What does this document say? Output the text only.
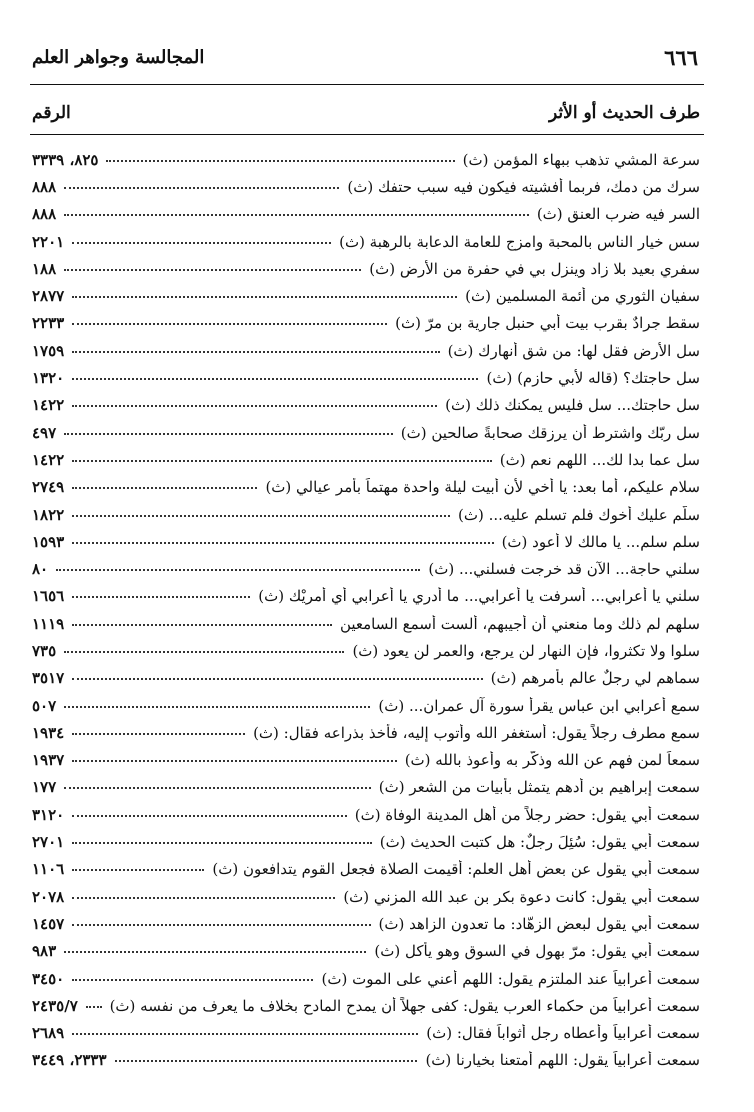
المجالسة وجواهر العلم	٦٦٦
الرقم	طرف الحديث أو الأثر
سرعة المشي تذهب ببهاء المؤمن (ث)
٨٢٥، ٣٣٣٩
سرك من دمك، فربما أفشيته فيكون فيه سبب حتفك (ث)
٨٨٨
السر فيه ضرب العنق (ث)
٨٨٨
سس خيار الناس بالمحبة وامزج للعامة الدعابة بالرهبة (ث)
٢٢٠١
سفري بعيد بلا زاد وينزل بي في حفرة من الأرض (ث)
١٨٨
سفيان الثوري من أئمة المسلمين (ث)
٢٨٧٧
سقط جرادٌ بقرب بيت أبي حنبل جارية بن مرّ (ث)
٢٢٣٣
سل الأرض فقل لها: من شق أنهارك (ث)
١٧٥٩
سل حاجتك؟ (قاله لأبي حازم) (ث)
١٣٢٠
سل حاجتك... سل فليس يمكنك ذلك (ث)
١٤٢٢
سل ربّك واشترط أن يرزقك صحابةً صالحين (ث)
٤٩٧
سل عما بدا لك... اللهم نعم (ث)
١٤٢٢
سلام عليكم، أما بعد: يا أخي لأن أبيت ليلة واحدة مهتماً بأمر عيالي (ث)
٢٧٤٩
سلّم عليك أخوك فلم تسلم عليه... (ث)
١٨٢٢
سلم سلم... يا مالك لا أعود (ث)
١٥٩٣
سلني حاجة... الآن قد خرجت فسلني... (ث)
٨٠
سلني يا أعرابي... أسرفت يا أعرابي... ما أدري يا أعرابي أي أمريْك (ث)
١٦٥٦
سلهم لم ذلك وما منعني أن أجيبهم، ألست أسمع السامعين
١١١٩
سلوا ولا تكثروا، فإن النهار لن يرجع، والعمر لن يعود (ث)
٧٣٥
سماهم لي رجلٌ عالم بأمرهم (ث)
٣٥١٧
سمع أعرابي ابن عباس يقرأ سورة آل عمران... (ث)
٥٠٧
سمع مطرف رجلاً يقول: أستغفر الله وأتوب إليه، فأخذ بذراعه فقال: (ث)
١٩٣٤
سمعاً لمن فهم عن الله وذكّر به وأعوذ بالله (ث)
١٩٣٧
سمعت إبراهيم بن أدهم يتمثل بأبيات من الشعر (ث)
١٧٧
سمعت أبي يقول: حضر رجلاً من أهل المدينة الوفاة (ث)
٣١٢٠
سمعت أبي يقول: سُئِلَ رجلٌ: هل كتبت الحديث (ث)
٢٧٠١
سمعت أبي يقول عن بعض أهل العلم: أقيمت الصلاة فجعل القوم يتدافعون (ث)
١١٠٦
سمعت أبي يقول: كانت دعوة بكر بن عبد الله المزني (ث)
٢٠٧٨
سمعت أبي يقول لبعض الزهّاد: ما تعدون الزاهد (ث)
١٤٥٧
سمعت أبي يقول: مرّ بهول في السوق وهو يأكل (ث)
٩٨٣
سمعت أعرابياً عند الملتزم يقول: اللهم أعني على الموت (ث)
٣٤٥٠
سمعت أعرابياً من حكماء العرب يقول: كفى جهلاً أن يمدح المادح بخلاف ما يعرف من نفسه (ث)
٢٤٣٥/٧
سمعت أعرابياً وأعطاه رجل أثواباً فقال: (ث)
٢٦٨٩
سمعت أعرابياً يقول: اللهم أمتعنا بخيارنا (ث)
٢٣٣٣، ٣٤٤٩
